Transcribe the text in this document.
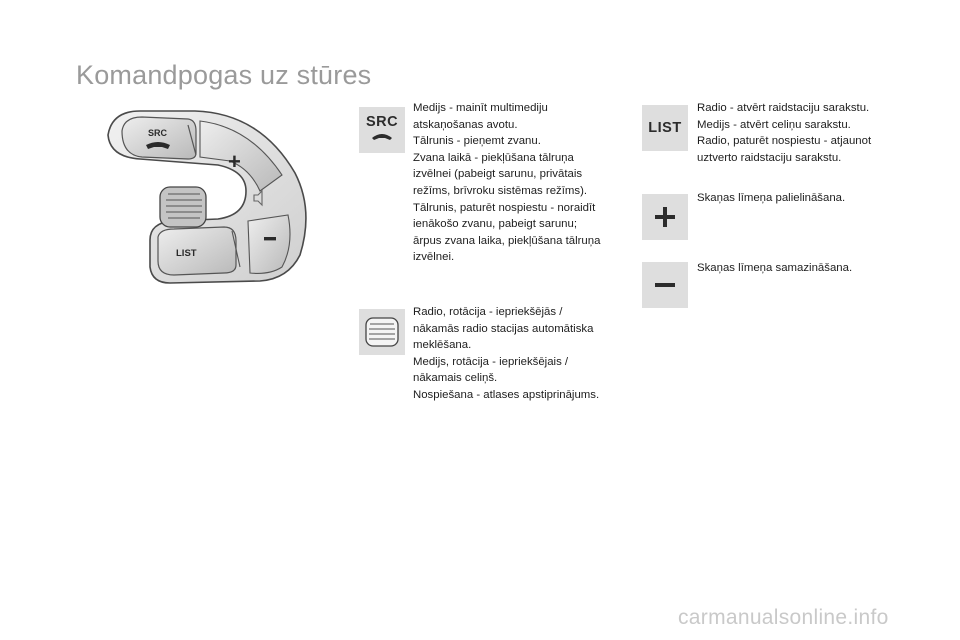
Komandpogas uz stūres
SRC
+
LIST
SRC
Medijs - mainīt multimediju
atskaņošanas avotu.
Tālrunis - pieņemt zvanu.
Zvana laikā - piekļūšana tālruņa
izvēlnei (pabeigt sarunu, privātais
režīms, brīvroku sistēmas režīms).
Tālrunis, paturēt nospiestu - noraidīt
ienākošo zvanu, pabeigt sarunu;
ārpus zvana laika, piekļūšana tālruņa
izvēlnei.
Radio, rotācija - iepriekšējās /
nākamās radio stacijas automātiska
meklēšana.
Medijs, rotācija - iepriekšējais /
nākamais celiņš.
Nospiešana - atlases apstiprinājums.
LIST
Radio - atvērt raidstaciju sarakstu.
Medijs - atvērt celiņu sarakstu.
Radio, paturēt nospiestu - atjaunot
uztverto raidstaciju sarakstu.
Skaņas līmeņa palielināšana.
Skaņas līmeņa samazināšana.
carmanualsonline.info
